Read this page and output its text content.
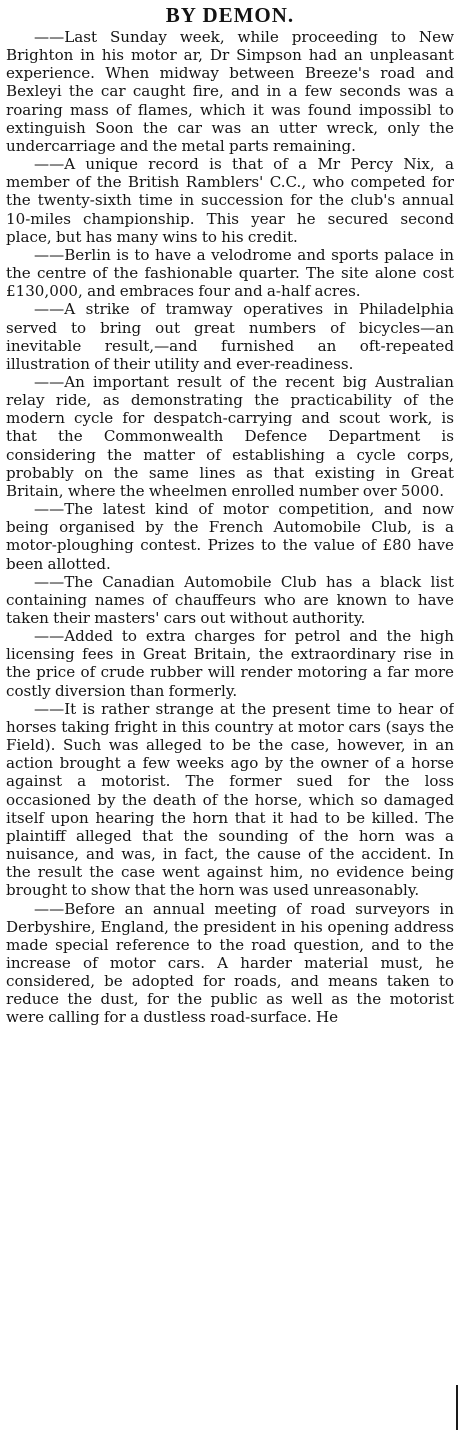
BY DEMON.

——Last Sunday week, while proceeding to New Brighton in his motor ar, Dr Simpson had an unpleasant experience. When midway between Breeze's road and Bexleyi the car caught fire, and in a few seconds was a roaring mass of flames, which it was found impossibl to extinguish Soon the car was an utter wreck, only the undercarriage and the metal parts remaining.

——A unique record is that of a Mr Percy Nix, a member of the British Ramblers' C.C., who competed for the twenty-sixth time in succession for the club's annual 10-miles championship. This year he secured second place, but has many wins to his credit.

——Berlin is to have a velodrome and sports palace in the centre of the fashionable quarter. The site alone cost £130,000, and embraces four and a-half acres.

——A strike of tramway operatives in Philadelphia served to bring out great numbers of bicycles—an inevitable result,—and furnished an oft-repeated illustration of their utility and ever-readiness.

——An important result of the recent big Australian relay ride, as demonstrating the practicability of the modern cycle for despatch-carrying and scout work, is that the Commonwealth Defence Department is considering the matter of establishing a cycle corps, probably on the same lines as that existing in Great Britain, where the wheelmen enrolled number over 5000.

——The latest kind of motor competition, and now being organised by the French Automobile Club, is a motor-ploughing contest. Prizes to the value of £80 have been allotted.

——The Canadian Automobile Club has a black list containing names of chauffeurs who are known to have taken their masters' cars out without authority.

——Added to extra charges for petrol and the high licensing fees in Great Britain, the extraordinary rise in the price of crude rubber will render motoring a far more costly diversion than formerly.

——It is rather strange at the present time to hear of horses taking fright in this country at motor cars (says the Field). Such was alleged to be the case, however, in an action brought a few weeks ago by the owner of a horse against a motorist. The former sued for the loss occasioned by the death of the horse, which so damaged itself upon hearing the horn that it had to be killed. The plaintiff alleged that the sounding of the horn was a nuisance, and was, in fact, the cause of the accident. In the result the case went against him, no evidence being brought to show that the horn was used unreasonably.

——Before an annual meeting of road surveyors in Derbyshire, England, the president in his opening address made special reference to the road question, and to the increase of motor cars. A harder material must, he considered, be adopted for roads, and means taken to reduce the dust, for the public as well as the motorist were calling for a dustless road-surface. He
